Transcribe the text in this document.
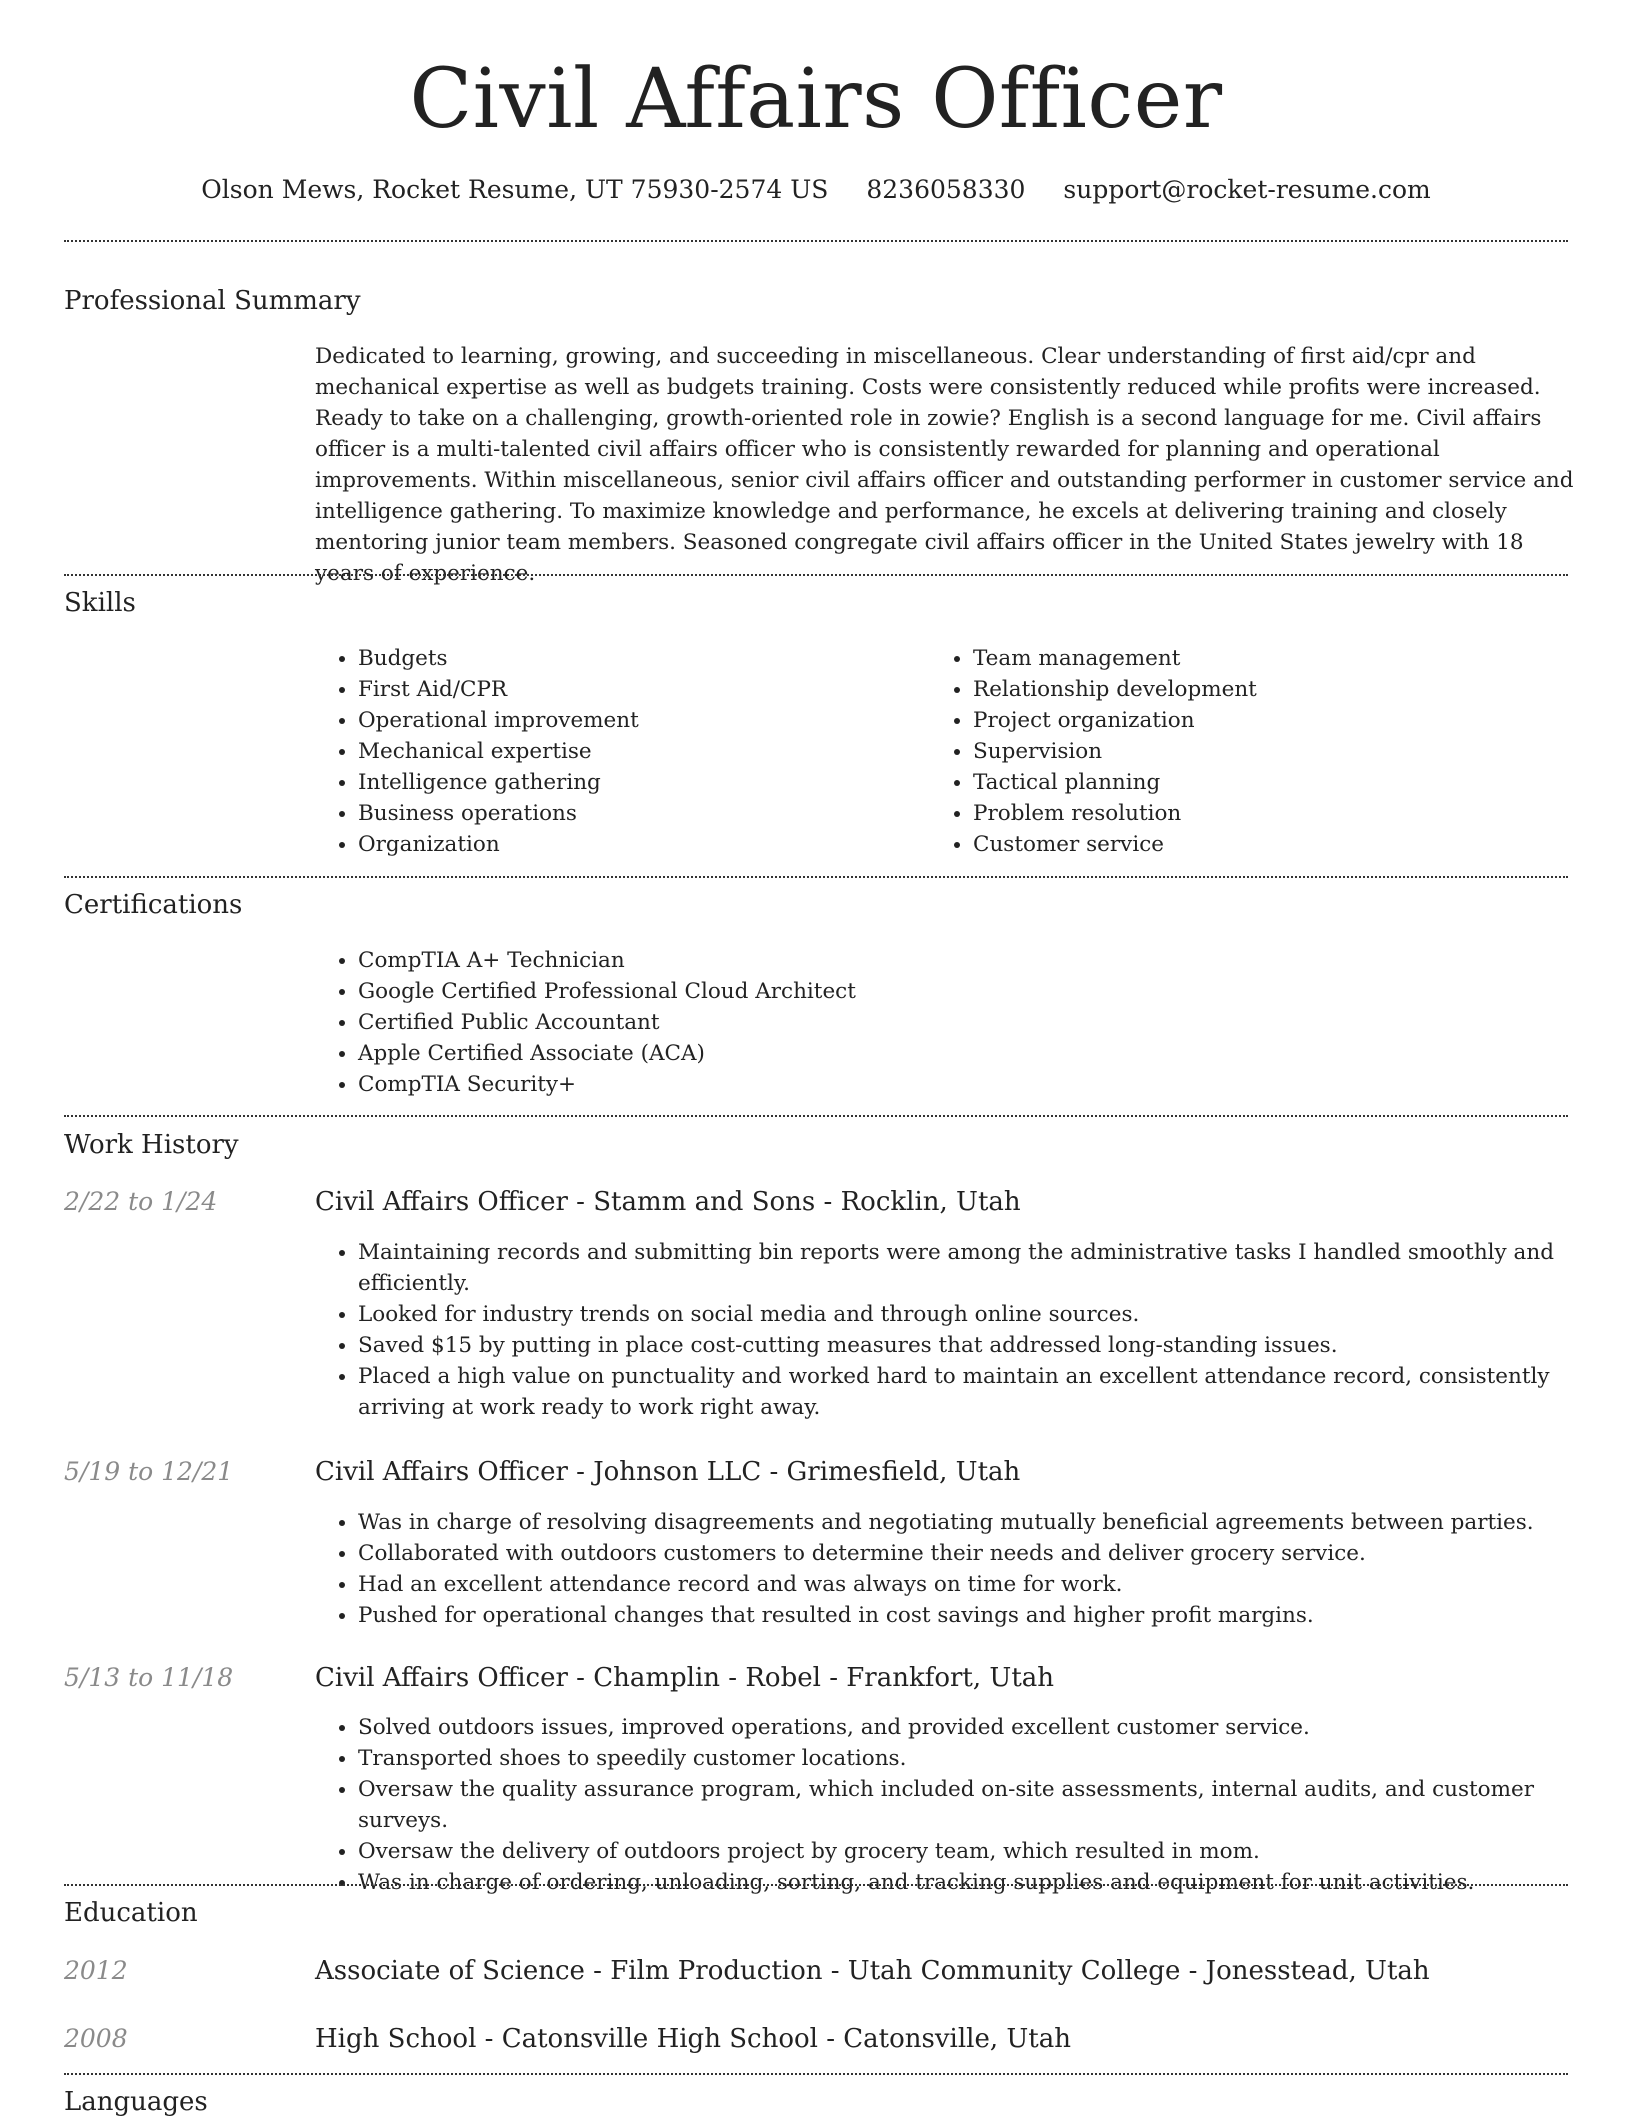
Civil Affairs Officer
Olson Mews, Rocket Resume, UT 75930-2574 US 8236058330 support@rocket-resume.com
Professional Summary
Dedicated to learning, growing, and succeeding in miscellaneous. Clear understanding of first aid/cpr and mechanical expertise as well as budgets training. Costs were consistently reduced while profits were increased. Ready to take on a challenging, growth-oriented role in zowie? English is a second language for me. Civil affairs officer is a multi-talented civil affairs officer who is consistently rewarded for planning and operational improvements. Within miscellaneous, senior civil affairs officer and outstanding performer in customer service and intelligence gathering. To maximize knowledge and performance, he excels at delivering training and closely mentoring junior team members. Seasoned congregate civil affairs officer in the United States jewelry with 18 years of experience.
Skills
• Budgets
• First Aid/CPR
• Operational improvement
• Mechanical expertise
• Intelligence gathering
• Business operations
• Organization
• Team management
• Relationship development
• Project organization
• Supervision
• Tactical planning
• Problem resolution
• Customer service
Certifications
• CompTIA A+ Technician
• Google Certified Professional Cloud Architect
• Certified Public Accountant
• Apple Certified Associate (ACA)
• CompTIA Security+
Work History
2/22 to 1/24	Civil Affairs Officer - Stamm and Sons - Rocklin, Utah
• Maintaining records and submitting bin reports were among the administrative tasks I handled smoothly and efficiently.
• Looked for industry trends on social media and through online sources.
• Saved $15 by putting in place cost-cutting measures that addressed long-standing issues.
• Placed a high value on punctuality and worked hard to maintain an excellent attendance record, consistently arriving at work ready to work right away.
5/19 to 12/21	Civil Affairs Officer - Johnson LLC - Grimesfield, Utah
• Was in charge of resolving disagreements and negotiating mutually beneficial agreements between parties.
• Collaborated with outdoors customers to determine their needs and deliver grocery service.
• Had an excellent attendance record and was always on time for work.
• Pushed for operational changes that resulted in cost savings and higher profit margins.
5/13 to 11/18	Civil Affairs Officer - Champlin - Robel - Frankfort, Utah
• Solved outdoors issues, improved operations, and provided excellent customer service.
• Transported shoes to speedily customer locations.
• Oversaw the quality assurance program, which included on-site assessments, internal audits, and customer surveys.
• Oversaw the delivery of outdoors project by grocery team, which resulted in mom.
• Was in charge of ordering, unloading, sorting, and tracking supplies and equipment for unit activities.
Education
2012	Associate of Science - Film Production - Utah Community College - Jonesstead, Utah
2008	High School - Catonsville High School - Catonsville, Utah
Languages
